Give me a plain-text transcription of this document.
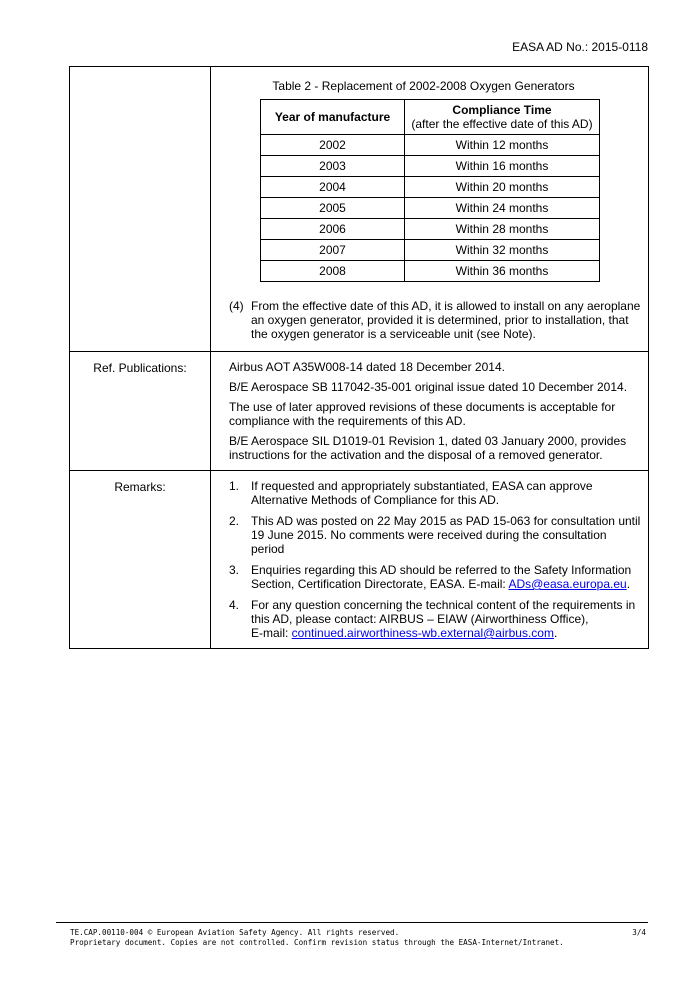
EASA AD No.: 2015-0118

Table 2 - Replacement of 2002-2008 Oxygen Generators
Year of manufacture	Compliance Time
(after the effective date of this AD)

2002	Within 12 months
2003	Within 16 months
2004	Within 20 months
2005	Within 24 months
2006	Within 28 months
2007	Within 32 months
2008	Within 36 months
(4) From the effective date of this AD, it is allowed to install on any aeroplane an oxygen generator, provided it is determined, prior to installation, that the oxygen generator is a serviceable unit (see Note).

Ref. Publications:	Airbus AOT A35W008-14 dated 18 December 2014.

B/E Aerospace SB 117042-35-001 original issue dated 10 December 2014.

The use of later approved revisions of these documents is acceptable for compliance with the requirements of this AD.

B/E Aerospace SIL D1019-01 Revision 1, dated 03 January 2000, provides instructions for the activation and the disposal of a removed generator.

Remarks:	1. If requested and appropriately substantiated, EASA can approve Alternative Methods of Compliance for this AD.
2. This AD was posted on 22 May 2015 as PAD 15-063 for consultation until 19 June 2015. No comments were received during the consultation period
3. Enquiries regarding this AD should be referred to the Safety Information Section, Certification Directorate, EASA. E-mail: ADs@easa.europa.eu.
4. For any question concerning the technical content of the requirements in this AD, please contact: AIRBUS – EIAW (Airworthiness Office),
E-mail: continued.airworthiness-wb.external@airbus.com.
TE.CAP.00110-004 © European Aviation Safety Agency. All rights reserved.
Proprietary document. Copies are not controlled. Confirm revision status through the EASA-Internet/Intranet.
3/4
